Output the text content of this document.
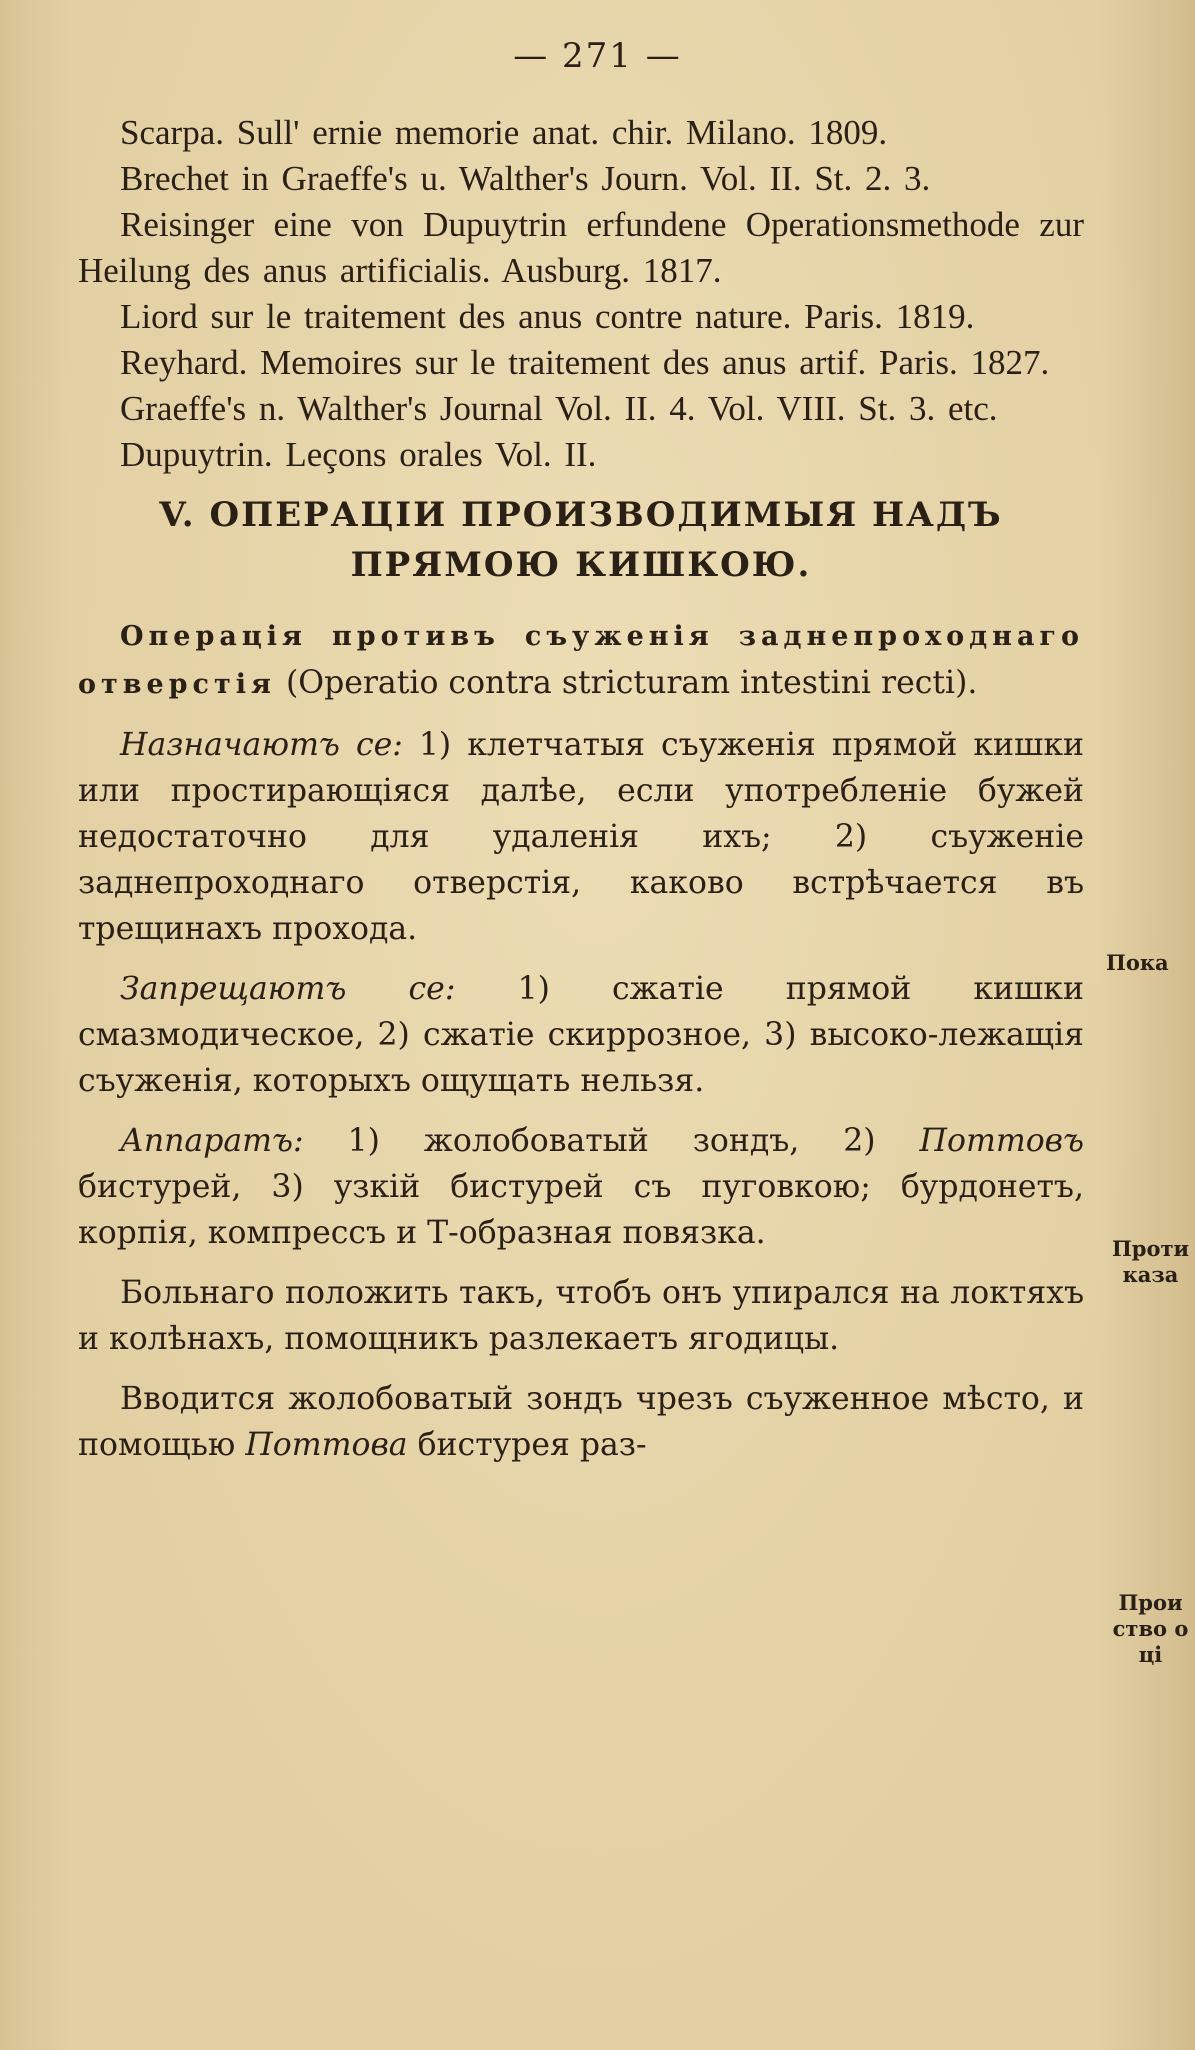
— 271 —

Scarpa. Sull' ernie memorie anat. chir. Milano. 1809.

Brechet in Graeffe's u. Walther's Journ. Vol. II. St. 2. 3.

Reisinger eine von Dupuytrin erfundene Operationsmethode zur Heilung des anus artificialis. Ausburg. 1817.

Liord sur le traitement des anus contre nature. Paris. 1819.

Reyhard. Memoires sur le traitement des anus artif. Paris. 1827.

Graeffe's n. Walther's Journal Vol. II. 4. Vol. VIII. St. 3. etc.

Dupuytrin. Leçons orales Vol. II.

V. ОПЕРАЦІИ ПРОИЗВОДИМЫЯ НАДЪ
ПРЯМОЮ КИШКОЮ.

Операція противъ съуженія заднепроходнаго отверстія (Operatio contra stricturam intestini recti).

Назначаютъ се: 1) клетчатыя съуженія прямой кишки или простирающіяся далѣе, если употребленіе бужей недостаточно для удаленія ихъ; 2) съуженіе заднепроходнаго отверстія, каково встрѣчается въ трещинахъ прохода.

Запрещаютъ се: 1) сжатіе прямой кишки смазмодическое, 2) сжатіе скиррозное, 3) высоко-лежащія съуженія, которыхъ ощущать нельзя.

Аппаратъ: 1) жолобоватый зондъ, 2) Поттовъ бистурей, 3) узкій бистурей съ пуговкою; бурдонетъ, корпія, компрессъ и Т-образная повязка.

Больнаго положить такъ, чтобъ онъ упирался на локтяхъ и колѣнахъ, помощникъ разлекаетъ ягодицы.

Вводится жолобоватый зондъ чрезъ съуженное мѣсто, и помощью Поттова бистурея раз-

Пока
Проти
каза
Прои
ство о
ці
